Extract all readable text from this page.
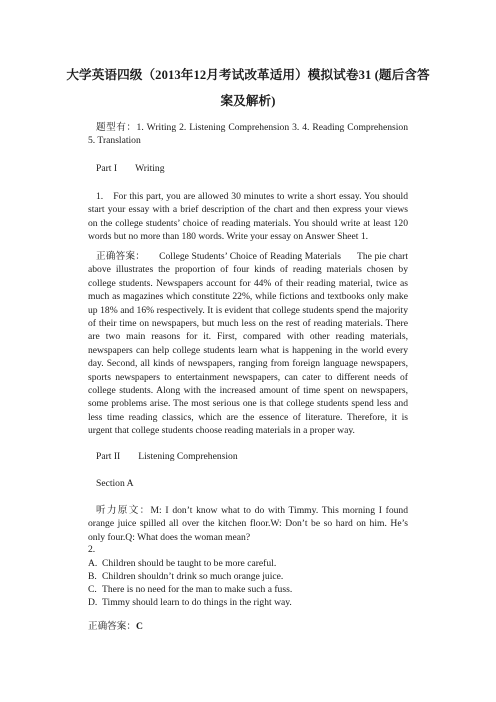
大学英语四级（2013年12月考试改革适用）模拟试卷31 (题后含答
案及解析)

题型有：1. Writing 2. Listening Comprehension 3. 4. Reading Comprehension 5. Translation

Part I Writing

1. For this part, you are allowed 30 minutes to write a short essay. You should start your essay with a brief description of the chart and then express your views on the college students’ choice of reading materials. You should write at least 120 words but no more than 180 words. Write your essay on Answer Sheet 1.

正确答案： College Students’ Choice of Reading Materials The pie chart above illustrates the proportion of four kinds of reading materials chosen by college students. Newspapers account for 44% of their reading material, twice as much as magazines which constitute 22%, while fictions and textbooks only make up 18% and 16% respectively. It is evident that college students spend the majority of their time on newspapers, but much less on the rest of reading materials. There are two main reasons for it. First, compared with other reading materials, newspapers can help college students learn what is happening in the world every day. Second, all kinds of newspapers, ranging from foreign language newspapers, sports newspapers to entertainment newspapers, can cater to different needs of college students. Along with the increased amount of time spent on newspapers, some problems arise. The most serious one is that college students spend less and less time reading classics, which are the essence of literature. Therefore, it is urgent that college students choose reading materials in a proper way.

Part II Listening Comprehension

Section A

听力原文：M: I don’t know what to do with Timmy. This morning I found orange juice spilled all over the kitchen floor.W: Don’t be so hard on him. He’s only four.Q: What does the woman mean?

2.

A. Children should be taught to be more careful.

B. Children shouldn’t drink so much orange juice.

C. There is no need for the man to make such a fuss.

D. Timmy should learn to do things in the right way.

正确答案：C
